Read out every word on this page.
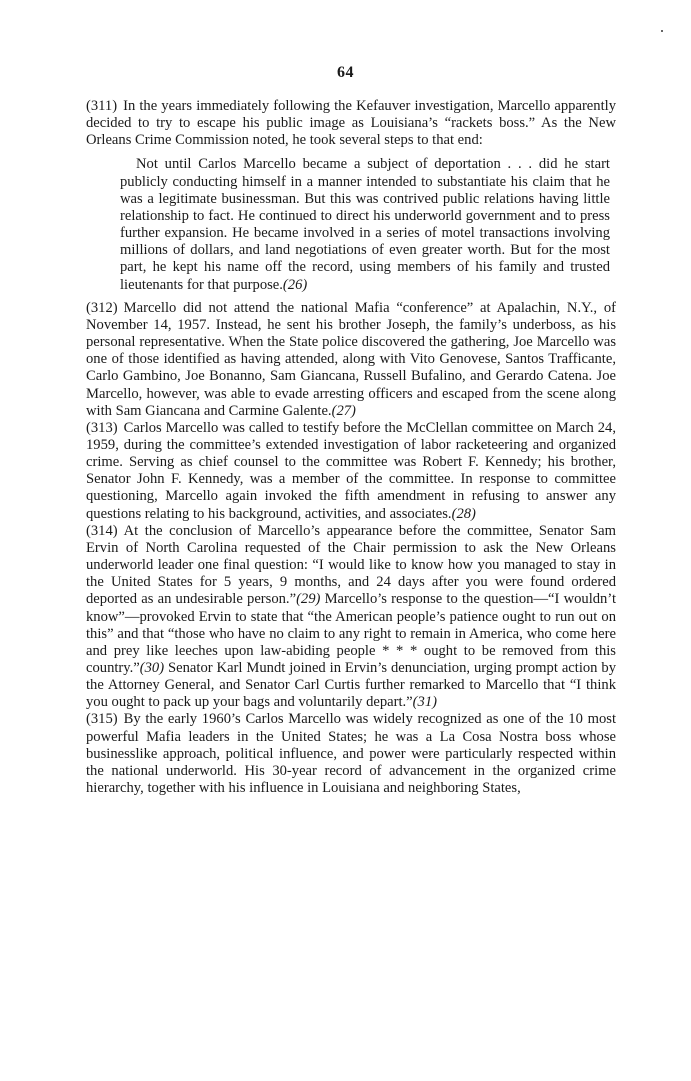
64

(311) In the years immediately following the Kefauver investigation, Marcello apparently decided to try to escape his public image as Louisiana’s “rackets boss.” As the New Orleans Crime Commission noted, he took several steps to that end:

Not until Carlos Marcello became a subject of deportation . . . did he start publicly conducting himself in a manner intended to substantiate his claim that he was a legitimate businessman. But this was contrived public relations having little relationship to fact. He continued to direct his underworld government and to press further expansion. He became involved in a series of motel transactions involving millions of dollars, and land negotiations of even greater worth. But for the most part, he kept his name off the record, using members of his family and trusted lieutenants for that purpose.(26)

(312) Marcello did not attend the national Mafia “conference” at Apalachin, N.Y., of November 14, 1957. Instead, he sent his brother Joseph, the family’s underboss, as his personal representative. When the State police discovered the gathering, Joe Marcello was one of those identified as having attended, along with Vito Genovese, Santos Trafficante, Carlo Gambino, Joe Bonanno, Sam Giancana, Russell Bufalino, and Gerardo Catena. Joe Marcello, however, was able to evade arresting officers and escaped from the scene along with Sam Giancana and Carmine Galente.(27)

(313) Carlos Marcello was called to testify before the McClellan committee on March 24, 1959, during the committee’s extended investigation of labor racketeering and organized crime. Serving as chief counsel to the committee was Robert F. Kennedy; his brother, Senator John F. Kennedy, was a member of the committee. In response to committee questioning, Marcello again invoked the fifth amendment in refusing to answer any questions relating to his background, activities, and associates.(28)

(314) At the conclusion of Marcello’s appearance before the committee, Senator Sam Ervin of North Carolina requested of the Chair permission to ask the New Orleans underworld leader one final question: “I would like to know how you managed to stay in the United States for 5 years, 9 months, and 24 days after you were found ordered deported as an undesirable person.”(29) Marcello’s response to the question—“I wouldn’t know”—provoked Ervin to state that “the American people’s patience ought to run out on this” and that “those who have no claim to any right to remain in America, who come here and prey like leeches upon law-abiding people * * * ought to be removed from this country.”(30) Senator Karl Mundt joined in Ervin’s denunciation, urging prompt action by the Attorney General, and Senator Carl Curtis further remarked to Marcello that “I think you ought to pack up your bags and voluntarily depart.”(31)

(315) By the early 1960’s Carlos Marcello was widely recognized as one of the 10 most powerful Mafia leaders in the United States; he was a La Cosa Nostra boss whose businesslike approach, political influence, and power were particularly respected within the national underworld. His 30-year record of advancement in the organized crime hierarchy, together with his influence in Louisiana and neighboring States,
